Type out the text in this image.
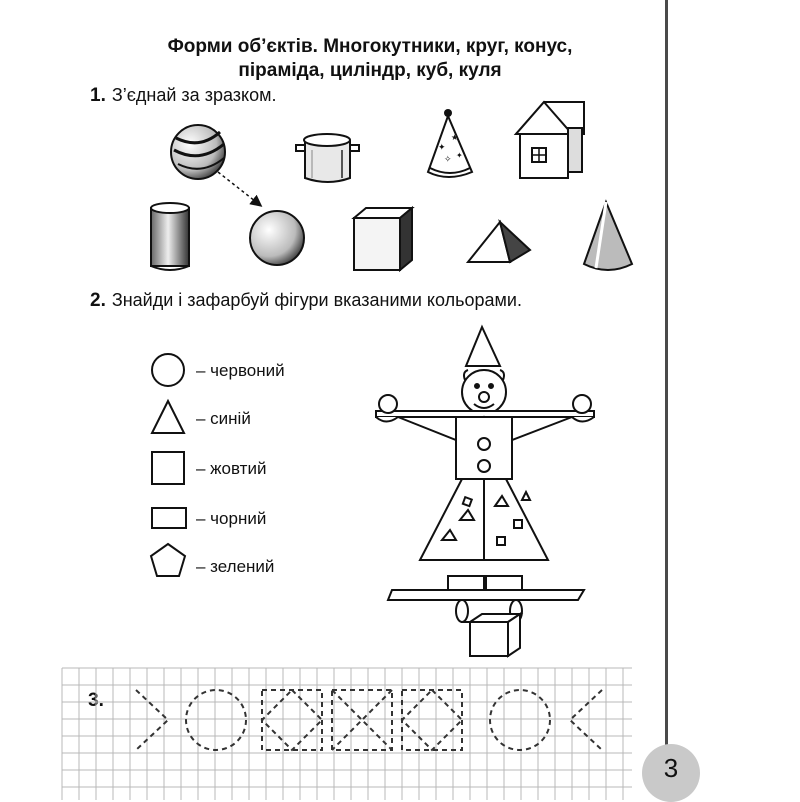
Форми об’єктів. Многокутники, круг, конус,
піраміда, циліндр, куб, куля
1. З’єднай за зразком.
2. Знайди і зафарбуй фігури вказаними кольорами.
3.
– червоний
– синій
– жовтий
– чорний
– зелений
✦
★
✧ ✦
3
